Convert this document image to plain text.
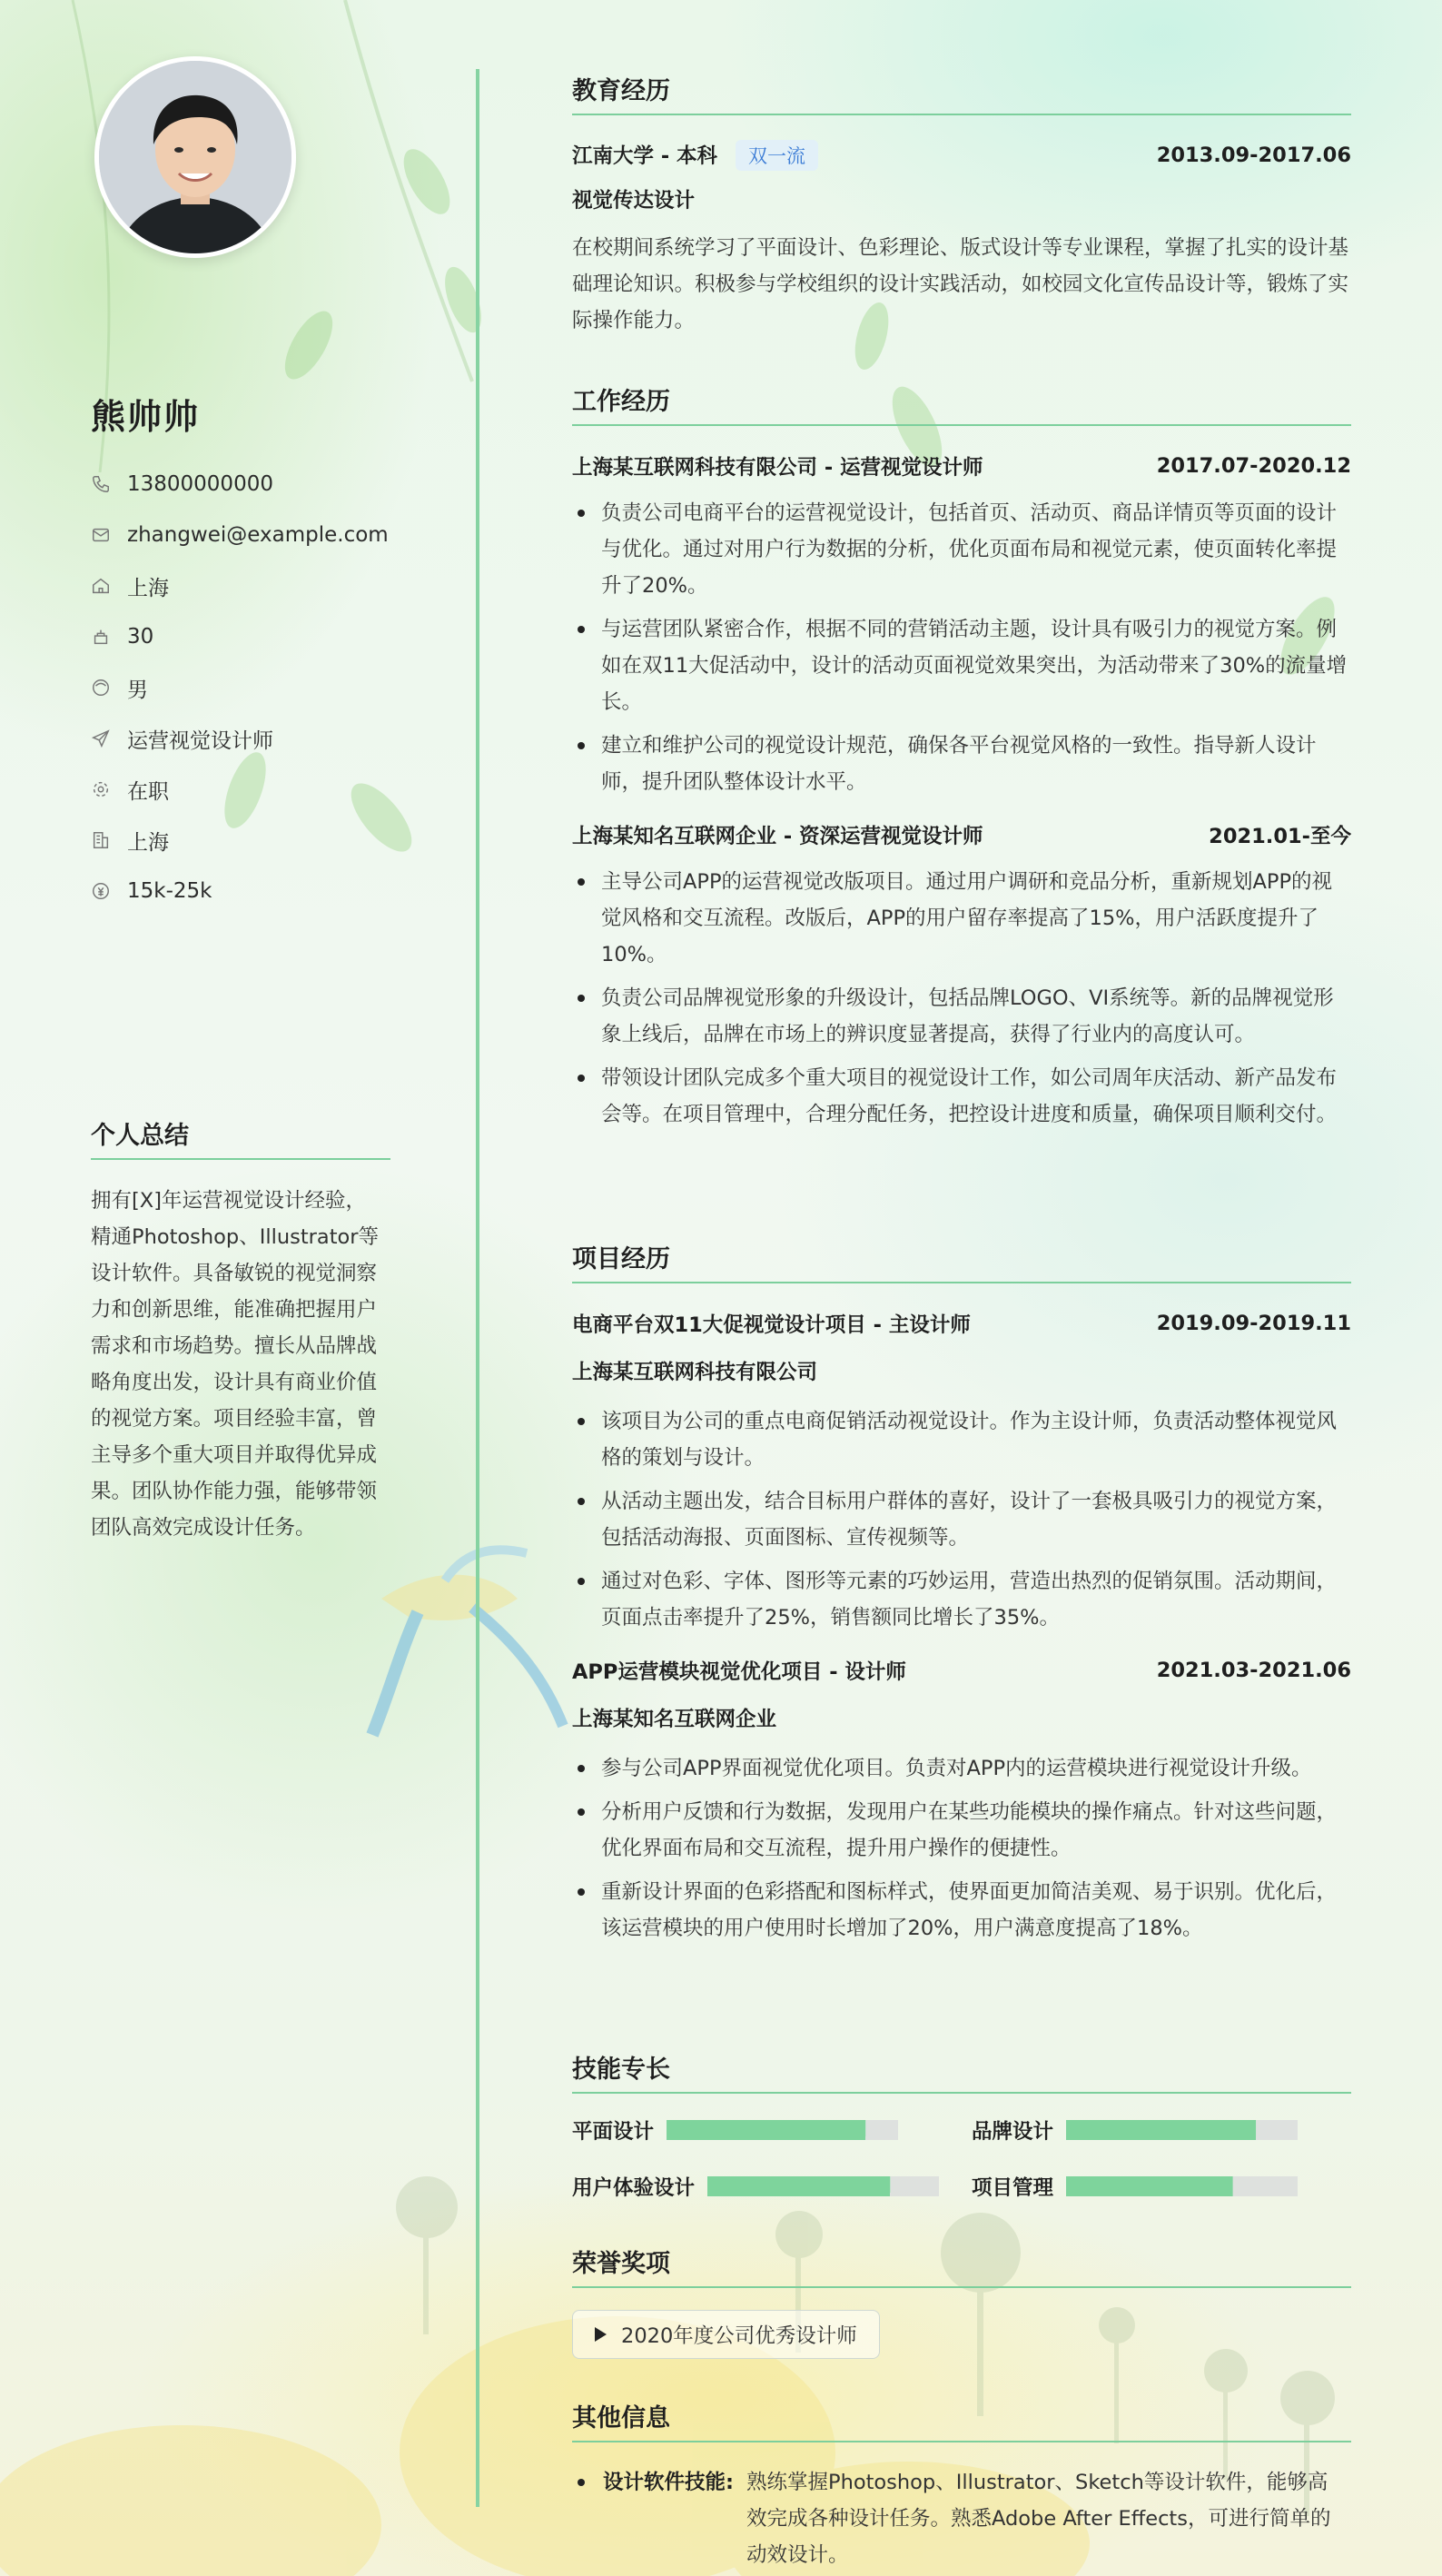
熊帅帅
13800000000
zhangwei@example.com
上海
30
男
运营视觉设计师
在职
上海
15k-25k
个人总结

拥有[X]年运营视觉设计经验，精通Photoshop、Illustrator等设计软件。具备敏锐的视觉洞察力和创新思维，能准确把握用户需求和市场趋势。擅长从品牌战略角度出发，设计具有商业价值的视觉方案。项目经验丰富，曾主导多个重大项目并取得优异成果。团队协作能力强，能够带领团队高效完成设计任务。

教育经历
江南大学 - 本科 双一流	2013.09-2017.06
视觉传达设计

在校期间系统学习了平面设计、色彩理论、版式设计等专业课程，掌握了扎实的设计基础理论知识。积极参与学校组织的设计实践活动，如校园文化宣传品设计等，锻炼了实际操作能力。

工作经历
上海某互联网科技有限公司 - 运营视觉设计师	2017.07-2020.12
负责公司电商平台的运营视觉设计，包括首页、活动页、商品详情页等页面的设计与优化。通过对用户行为数据的分析，优化页面布局和视觉元素，使页面转化率提升了20%。
与运营团队紧密合作，根据不同的营销活动主题，设计具有吸引力的视觉方案。例如在双11大促活动中，设计的活动页面视觉效果突出，为活动带来了30%的流量增长。
建立和维护公司的视觉设计规范，确保各平台视觉风格的一致性。指导新人设计师，提升团队整体设计水平。
上海某知名互联网企业 - 资深运营视觉设计师	2021.01-至今
主导公司APP的运营视觉改版项目。通过用户调研和竞品分析，重新规划APP的视觉风格和交互流程。改版后，APP的用户留存率提高了15%，用户活跃度提升了10%。
负责公司品牌视觉形象的升级设计，包括品牌LOGO、VI系统等。新的品牌视觉形象上线后，品牌在市场上的辨识度显著提高，获得了行业内的高度认可。
带领设计团队完成多个重大项目的视觉设计工作，如公司周年庆活动、新产品发布会等。在项目管理中，合理分配任务，把控设计进度和质量，确保项目顺利交付。
项目经历
电商平台双11大促视觉设计项目 - 主设计师	2019.09-2019.11
上海某互联网科技有限公司
该项目为公司的重点电商促销活动视觉设计。作为主设计师，负责活动整体视觉风格的策划与设计。
从活动主题出发，结合目标用户群体的喜好，设计了一套极具吸引力的视觉方案，包括活动海报、页面图标、宣传视频等。
通过对色彩、字体、图形等元素的巧妙运用，营造出热烈的促销氛围。活动期间，页面点击率提升了25%，销售额同比增长了35%。
APP运营模块视觉优化项目 - 设计师	2021.03-2021.06
上海某知名互联网企业
参与公司APP界面视觉优化项目。负责对APP内的运营模块进行视觉设计升级。
分析用户反馈和行为数据，发现用户在某些功能模块的操作痛点。针对这些问题，优化界面布局和交互流程，提升用户操作的便捷性。
重新设计界面的色彩搭配和图标样式，使界面更加简洁美观、易于识别。优化后，该运营模块的用户使用时长增加了20%，用户满意度提高了18%。
技能专长
平面设计	品牌设计
用户体验设计	项目管理
荣誉奖项
2020年度公司优秀设计师
其他信息
设计软件技能: 熟练掌握Photoshop、Illustrator、Sketch等设计软件，能够高效完成各种设计任务。熟悉Adobe After Effects，可进行简单的动效设计。
